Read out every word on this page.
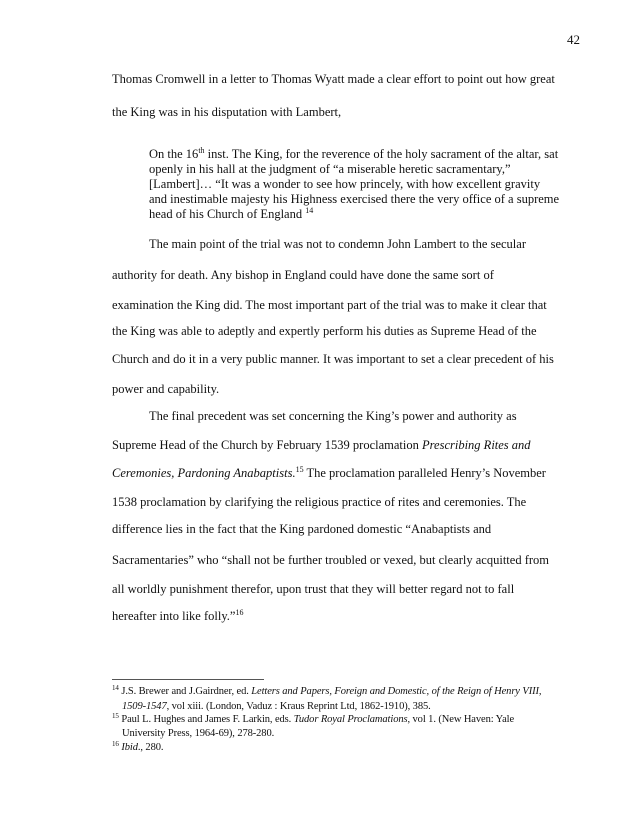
42
Thomas Cromwell in a letter to Thomas Wyatt made a clear effort to point out how great
the King was in his disputation with Lambert,
On the 16th inst. The King, for the reverence of the holy sacrament of the altar, sat
openly in his hall at the judgment of “a miserable heretic sacramentary,”
[Lambert]… “It was a wonder to see how princely, with how excellent gravity
and inestimable majesty his Highness exercised there the very office of a supreme
head of his Church of England $^{14}$
The main point of the trial was not to condemn John Lambert to the secular
authority for death. Any bishop in England could have done the same sort of
examination the King did. The most important part of the trial was to make it clear that
the King was able to adeptly and expertly perform his duties as Supreme Head of the
Church and do it in a very public manner. It was important to set a clear precedent of his
power and capability.
The final precedent was set concerning the King’s power and authority as
Supreme Head of the Church by February 1539 proclamation Prescribing Rites and
Ceremonies, Pardoning Anabaptists.$^{15}$ The proclamation paralleled Henry’s November
1538 proclamation by clarifying the religious practice of rites and ceremonies. The
difference lies in the fact that the King pardoned domestic “Anabaptists and
Sacramentaries” who “shall not be further troubled or vexed, but clearly acquitted from
all worldly punishment therefor, upon trust that they will better regard not to fall
hereafter into like folly.”$^{16}$
$^{14}$ J.S. Brewer and J.Gairdner, ed. Letters and Papers, Foreign and Domestic, of the Reign of Henry VIII,
1509-1547, vol xiii. (London, Vaduz : Kraus Reprint Ltd, 1862-1910), 385.
$^{15}$ Paul L. Hughes and James F. Larkin, eds. Tudor Royal Proclamations, vol 1. (New Haven: Yale
University Press, 1964-69), 278-280.
$^{16}$ Ibid., 280.
